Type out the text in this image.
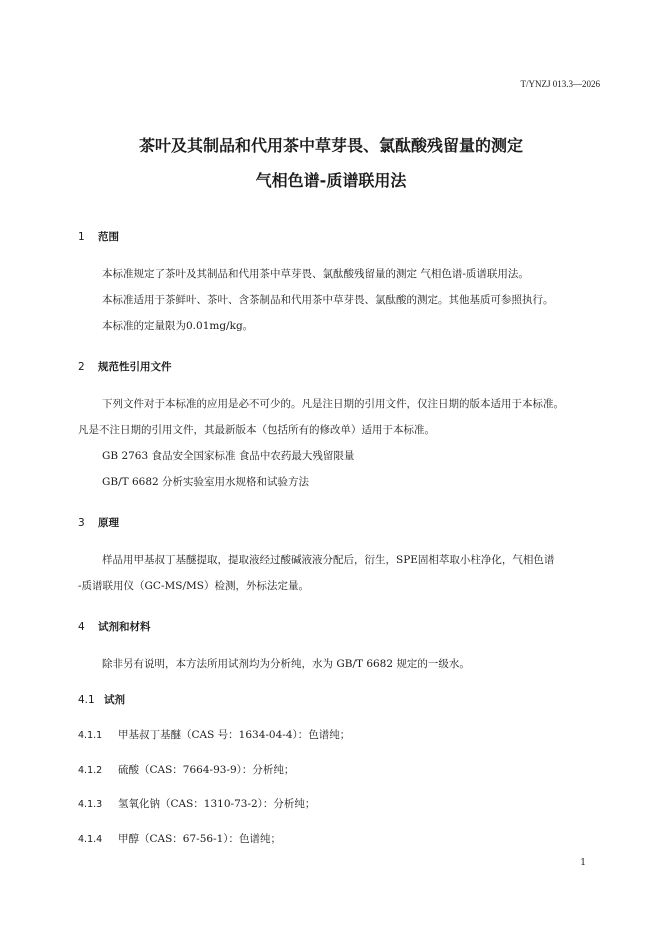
T/YNZJ 013.3—2026
茶叶及其制品和代用茶中草芽畏、氯酞酸残留量的测定
气相色谱-质谱联用法
1 范围
本标准规定了茶叶及其制品和代用茶中草芽畏、氯酞酸残留量的测定 气相色谱-质谱联用法。
本标准适用于茶鲜叶、茶叶、含茶制品和代用茶中草芽畏、氯酞酸的测定。其他基质可参照执行。
本标准的定量限为0.01mg/kg。
2 规范性引用文件
下列文件对于本标准的应用是必不可少的。凡是注日期的引用文件，仅注日期的版本适用于本标准。
凡是不注日期的引用文件，其最新版本（包括所有的修改单）适用于本标准。
GB 2763 食品安全国家标准 食品中农药最大残留限量
GB/T 6682 分析实验室用水规格和试验方法
3 原理
样品用甲基叔丁基醚提取，提取液经过酸碱液液分配后，衍生，SPE固相萃取小柱净化，气相色谱
-质谱联用仪（GC-MS/MS）检测，外标法定量。
4 试剂和材料
除非另有说明，本方法所用试剂均为分析纯，水为 GB/T 6682 规定的一级水。
4.1 试剂
4.1.1 甲基叔丁基醚（CAS 号：1634-04-4）：色谱纯；
4.1.2 硫酸（CAS：7664-93-9）：分析纯；
4.1.3 氢氧化钠（CAS：1310-73-2）：分析纯；
4.1.4 甲醇（CAS：67-56-1）：色谱纯；
1
